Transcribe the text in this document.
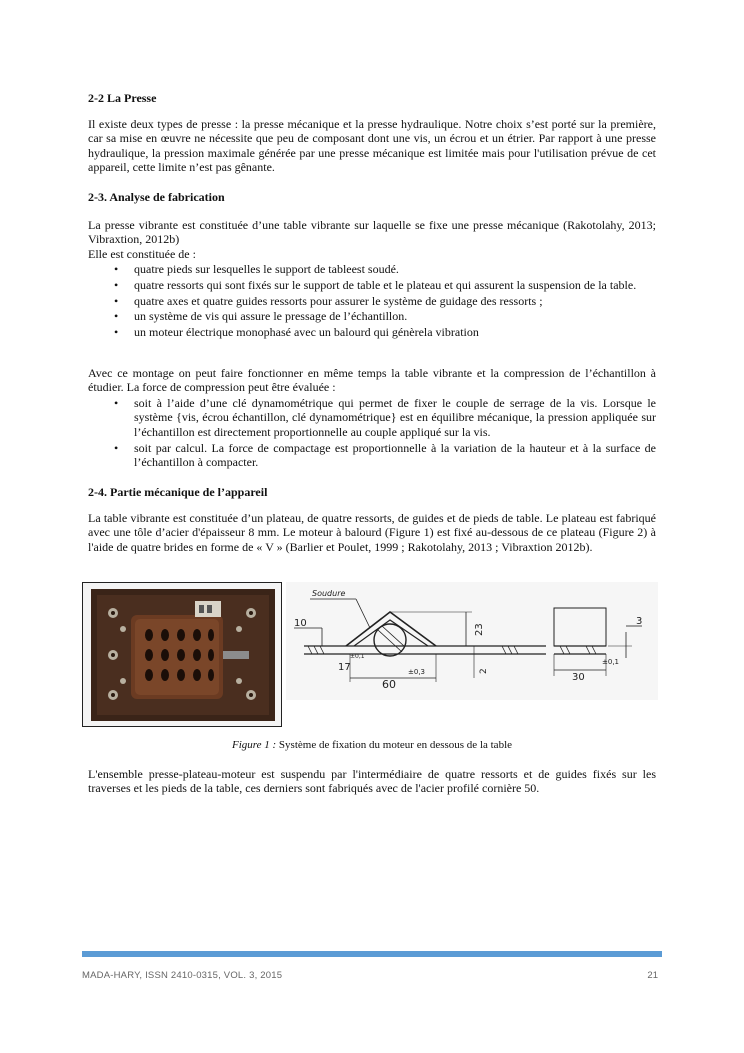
2-2 La Presse
Il existe deux types de presse : la presse mécanique et la presse hydraulique. Notre choix s’est porté sur la première, car sa mise en œuvre ne nécessite que peu de composant dont une vis, un écrou et un étrier. Par rapport à une presse hydraulique, la pression maximale générée par une presse mécanique est limitée mais pour l'utilisation prévue de cet appareil, cette limite n’est pas gênante.
2-3. Analyse de fabrication
La presse vibrante est constituée d’une table vibrante sur laquelle se fixe une presse mécanique (Rakotolahy, 2013; Vibraxtion, 2012b)
Elle est constituée de :
• quatre pieds sur lesquelles le support de tableest soudé.
• quatre ressorts qui sont fixés sur le support de table et le plateau et qui assurent la suspension de la table.
• quatre axes et quatre guides ressorts pour assurer le système de guidage des ressorts ;
• un système de vis qui assure le pressage de l’échantillon.
• un moteur électrique monophasé avec un balourd qui génèrela vibration
Avec ce montage on peut faire fonctionner en même temps la table vibrante et la compression de l’échantillon à étudier. La force de compression peut être évaluée :
• soit à l’aide d’une clé dynamométrique qui permet de fixer le couple de serrage de la vis. Lorsque le système {vis, écrou échantillon, clé dynamométrique} est en équilibre mécanique, la pression appliquée sur l’échantillon est directement proportionnelle au couple appliqué sur la vis.
• soit par calcul. La force de compactage est proportionnelle à la variation de la hauteur et à la surface de l’échantillon à compacter.
2-4. Partie mécanique de l’appareil
La table vibrante est constituée d’un plateau, de quatre ressorts, de guides et de pieds de table. Le plateau est fabriqué avec une tôle d’acier d'épaisseur 8 mm. Le moteur à balourd (Figure 1) est fixé au-dessous de ce plateau (Figure 2) à l'aide de quatre brides en forme de « V » (Barlier et Poulet, 1999 ; Rakotolahy, 2013 ; Vibraxtion 2012b).
L'ensemble presse-plateau-moteur est suspendu par l'intermédiaire de quatre ressorts et de guides fixés sur les traverses et les pieds de la table, ces derniers sont fabriqués avec de l'acier profilé cornière 50.
Soudure
10
17
±0,1
60
±0,3
23
2
30
±0,1
3
Figure 1 : Système de fixation du moteur en dessous de la table
MADA-HARY, ISSN 2410-0315, VOL. 3, 2015	21
